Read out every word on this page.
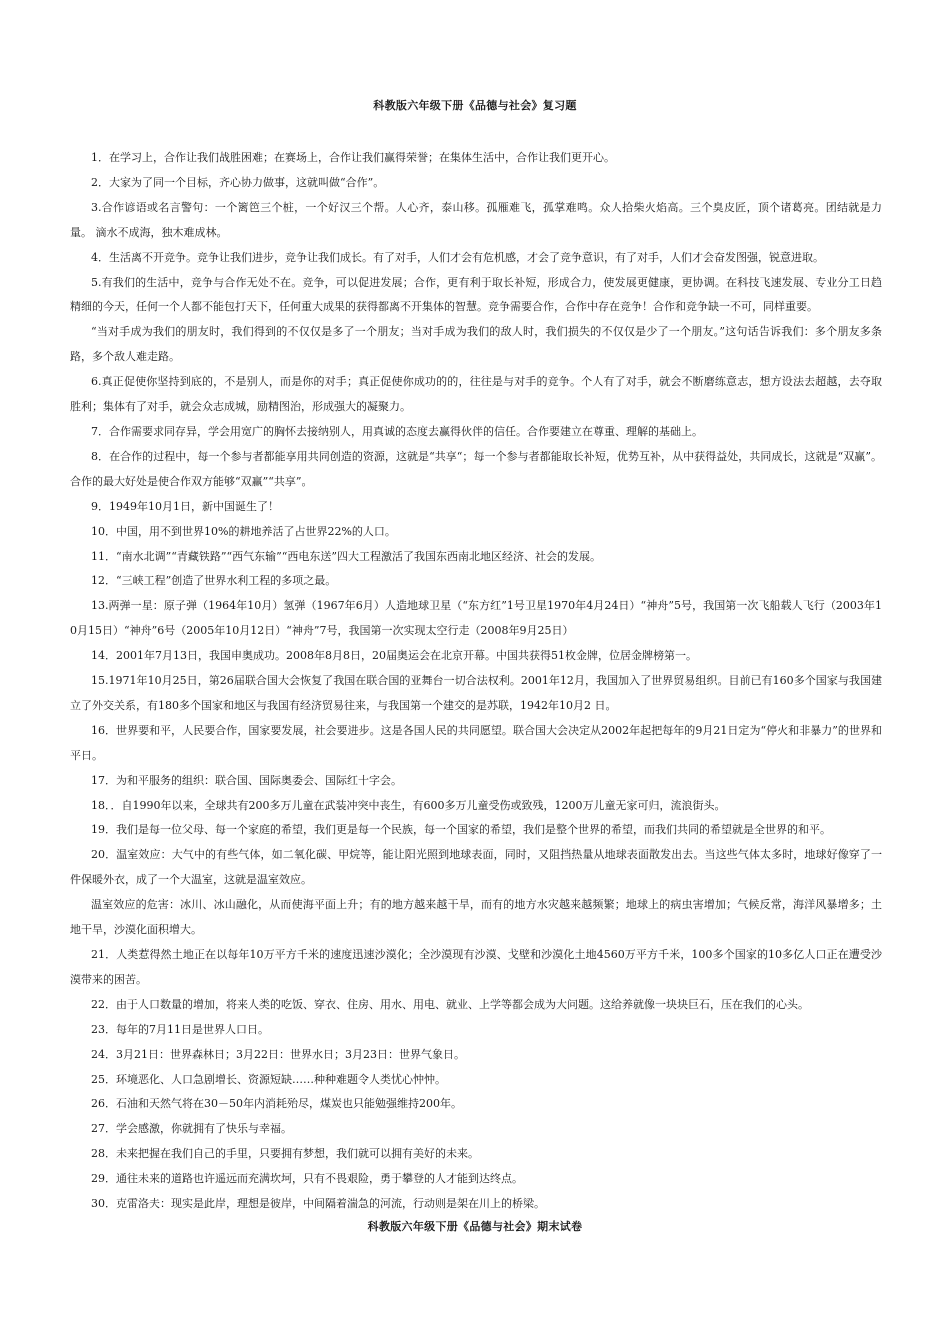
科教版六年级下册《品德与社会》复习题

1．在学习上，合作让我们战胜困难；在赛场上，合作让我们赢得荣誉；在集体生活中，合作让我们更开心。

2．大家为了同一个目标，齐心协力做事，这就叫做“合作”。

3.合作谚语或名言警句：一个篱笆三个桩，一个好汉三个帮。人心齐，泰山移。孤雁难飞，孤掌难鸣。众人拾柴火焰高。三个臭皮匠，顶个诸葛亮。团结就是力量。 滴水不成海，独木难成林。

4．生活离不开竞争。竞争让我们进步，竞争让我们成长。有了对手，人们才会有危机感，才会了竞争意识，有了对手，人们才会奋发图强，锐意进取。

5.有我们的生活中，竞争与合作无处不在。竞争，可以促进发展；合作，更有利于取长补短，形成合力，使发展更健康，更协调。在科技飞速发展、专业分工日趋精细的今天，任何一个人都不能包打天下，任何重大成果的获得都离不开集体的智慧。竞争需要合作，合作中存在竞争！合作和竞争缺一不可，同样重要。

“当对手成为我们的朋友时，我们得到的不仅仅是多了一个朋友；当对手成为我们的敌人时，我们损失的不仅仅是少了一个朋友。”这句话告诉我们：多个朋友多条路，多个敌人难走路。

6.真正促使你坚持到底的，不是别人，而是你的对手；真正促使你成功的的，往往是与对手的竞争。个人有了对手，就会不断磨练意志，想方设法去超越，去夺取胜利；集体有了对手，就会众志成城，励精图治，形成强大的凝聚力。

7．合作需要求同存异，学会用宽广的胸怀去接纳别人，用真诚的态度去赢得伙伴的信任。合作要建立在尊重、理解的基础上。

8．在合作的过程中，每一个参与者都能享用共同创造的资源，这就是“共享“；每一个参与者都能取长补短，优势互补，从中获得益处，共同成长，这就是“双赢”。合作的最大好处是使合作双方能够“双赢”“共享”。

9．1949年10月1日，新中国诞生了！

10．中国，用不到世界10%的耕地养活了占世界22%的人口。

11．“南水北调”“青藏铁路”“西气东输”“西电东送”四大工程激活了我国东西南北地区经济、社会的发展。

12．“三峡工程”创造了世界水利工程的多项之最。

13.两弹一星：原子弹（1964年10月）氢弹（1967年6月）人造地球卫星（“东方红”1号卫星1970年4月24日）“神舟”5号，我国第一次飞船载人飞行（2003年10月15日）“神舟”6号（2005年10月12日）“神舟”7号，我国第一次实现太空行走（2008年9月25日）

14．2001年7月13日，我国申奥成功。2008年8月8日，20届奥运会在北京开幕。中国共获得51枚金牌，位居金牌榜第一。

15.1971年10月25日，第26届联合国大会恢复了我国在联合国的亚舞台一切合法权利。2001年12月，我国加入了世界贸易组织。目前已有160多个国家与我国建立了外交关系，有180多个国家和地区与我国有经济贸易往来，与我国第一个建交的是苏联，1942年10月2 日。

16．世界要和平，人民要合作，国家要发展，社会要进步。这是各国人民的共同愿望。联合国大会决定从2002年起把每年的9月21日定为“停火和非暴力”的世界和平日。

17．为和平服务的组织：联合国、国际奥委会、国际红十字会。

18．．自1990年以来，全球共有200多万儿童在武装冲突中丧生，有600多万儿童受伤或致残，1200万儿童无家可归，流浪街头。

19．我们是每一位父母、每一个家庭的希望，我们更是每一个民族，每一个国家的希望，我们是整个世界的希望，而我们共同的希望就是全世界的和平。

20．温室效应：大气中的有些气体，如二氧化碳、甲烷等，能让阳光照到地球表面，同时，又阻挡热量从地球表面散发出去。当这些气体太多时，地球好像穿了一件保暖外衣，成了一个大温室，这就是温室效应。

温室效应的危害：冰川、冰山融化，从而使海平面上升；有的地方越来越干旱，而有的地方水灾越来越频繁；地球上的病虫害增加；气候反常，海洋风暴增多；土地干旱，沙漠化面积增大。

21．人类惹得然土地正在以每年10万平方千米的速度迅速沙漠化；全沙漠现有沙漠、戈壁和沙漠化土地4560万平方千米，100多个国家的10多亿人口正在遭受沙漠带来的困苦。

22．由于人口数量的增加，将来人类的吃饭、穿衣、住房、用水、用电、就业、上学等都会成为大问题。这给养就像一块块巨石，压在我们的心头。

23．每年的7月11日是世界人口日。

24．3月21日：世界森林日；3月22日：世界水日；3月23日：世界气象日。

25．环境恶化、人口急剧增长、资源短缺……种种难题令人类忧心忡忡。

26．石油和天然气将在30－50年内消耗殆尽，煤炭也只能勉强维持200年。

27．学会感激，你就拥有了快乐与幸福。

28．未来把握在我们自己的手里，只要拥有梦想，我们就可以拥有美好的未来。

29．通往未来的道路也许遥远而充满坎坷，只有不畏艰险，勇于攀登的人才能到达终点。

30．克雷洛夫：现实是此岸，理想是彼岸，中间隔着湍急的河流，行动则是架在川上的桥梁。

科教版六年级下册《品德与社会》期末试卷
